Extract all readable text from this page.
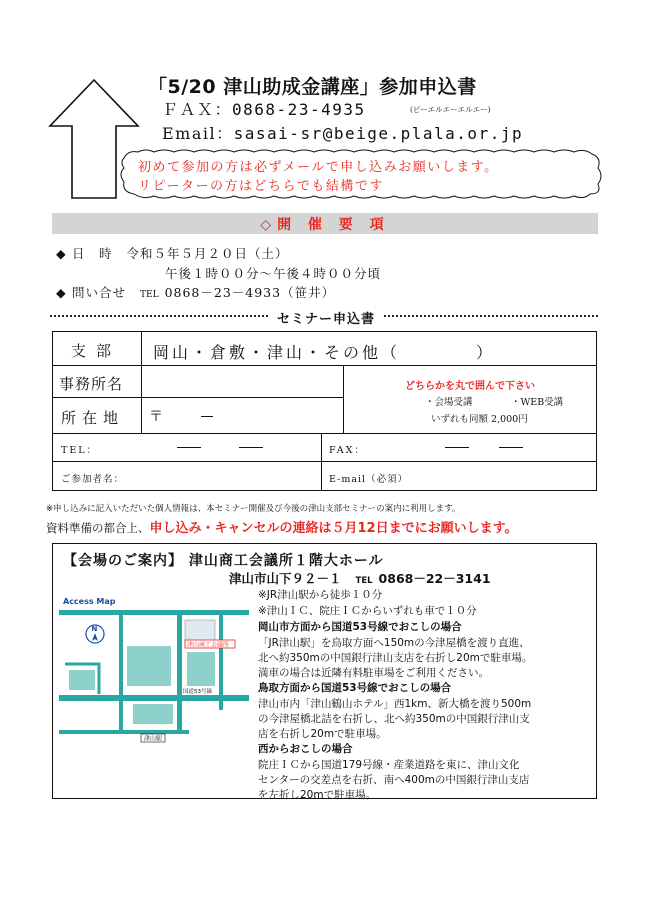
「5/20 津山助成金講座」参加申込書
ＦＡＸ：0868-23-4935	(ビーエルエーエルエー)
Email：sasai-sr@beige.plala.or.jp
初めて参加の方は必ずメールで申し込みお願いします。
リピーターの方はどちらでも結構です
◇開 催 要 項
◆ 日　時 令和５年５月２０日（土）
午後１時００分～午後４時００分頃
◆ 問い合せ TEL 0868－23－4933（笹井）
セミナー申込書
支部 岡山・倉敷・津山・その他（　　　　）
事務所名
所在地 〒
どちらかを丸で囲んで下さい
・会場受講	・WEB受講
いずれも同額 2,000円
TEL：	FAX：
ご参加者名：	E-mail（必須）
※申し込みに記入いただいた個人情報は、本セミナー開催及び今後の津山支部セミナーの案内に利用します。
資料準備の都合上、申し込み・キャンセルの連絡は５月12日までにお願いします。
【会場のご案内】 津山商工会議所１階大ホール
津山市山下９２－１ TEL 0868－22－3141
※JR津山駅から徒歩１０分
※津山ＩＣ、院庄ＩＣからいずれも車で１０分
岡山市方面から国道53号線でおこしの場合
「JR津山駅」を鳥取方面へ150mの今津屋橋を渡り直進、
北へ約350mの中国銀行津山支店を右折し20mで駐車場。
満車の場合は近隣有料駐車場をご利用ください。
鳥取方面から国道53号線でおこしの場合
津山市内「津山鶴山ホテル」西1km、新大橋を渡り500m
の今津屋橋北詰を右折し、北へ約350mの中国銀行津山支
店を右折し20mで駐車場。
西からおこしの場合
院庄ＩＣから国道179号線・産業道路を東に、津山文化
センターの交差点を右折、南へ400mの中国銀行津山支店
を左折し20mで駐車場。
Access Map
津山商工会議所
津山駅
国道53号線
N
